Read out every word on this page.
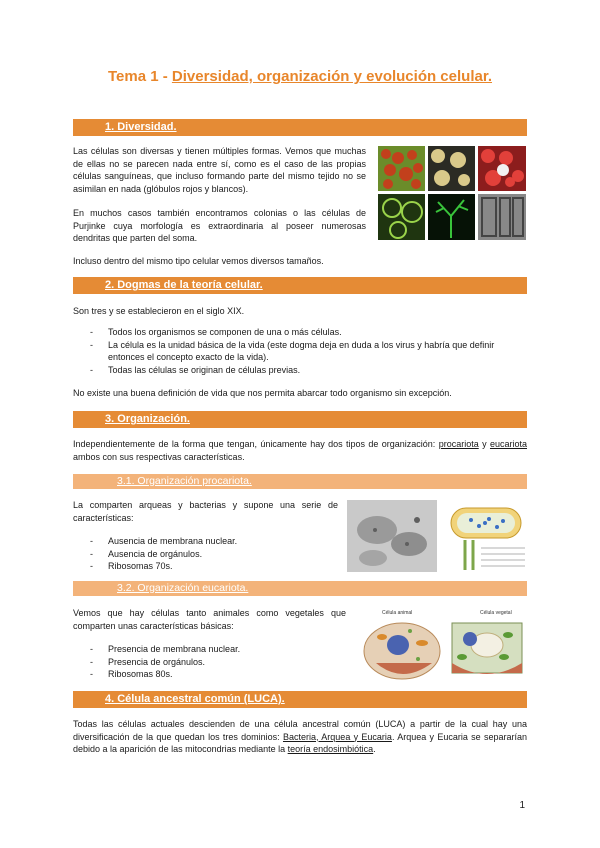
Tema 1 - Diversidad, organización y evolución celular.
1. Diversidad.
Las células son diversas y tienen múltiples formas. Vemos que muchas de ellas no se parecen nada entre sí, como es el caso de las propias células sanguíneas, que incluso formando parte del mismo tejido no se asimilan en nada (glóbulos rojos y blancos).
En muchos casos también encontramos colonias o las células de Purjinke cuya morfología es extraordinaria al poseer numerosas dendritas que parten del soma.
Incluso dentro del mismo tipo celular vemos diversos tamaños.
2. Dogmas de la teoría celular.
Son tres y se establecieron en el siglo XIX.
- Todos los organismos se componen de una o más células.
- La célula es la unidad básica de la vida (este dogma deja en duda a los virus y habría que definir entonces el concepto exacto de la vida).
- Todas las células se originan de células previas.
No existe una buena definición de vida que nos permita abarcar todo organismo sin excepción.
3. Organización.
Independientemente de la forma que tengan, únicamente hay dos tipos de organización: procariota y eucariota ambos con sus respectivas características.
3.1. Organización procariota.
La comparten arqueas y bacterias y supone una serie de características:
- Ausencia de membrana nuclear.
- Ausencia de orgánulos.
- Ribosomas 70s.
3.2. Organización eucariota.
Vemos que hay células tanto animales como vegetales que comparten unas características básicas:
- Presencia de membrana nuclear.
- Presencia de orgánulos.
- Ribosomas 80s.
Célula animal	Célula vegetal
4. Célula ancestral común (LUCA).
Todas las células actuales descienden de una célula ancestral común (LUCA) a partir de la cual hay una diversificación de la que quedan los tres dominios: Bacteria, Arquea y Eucaria. Arquea y Eucaria se separarían debido a la aparición de las mitocondrias mediante la teoría endosimbiótica.
1
